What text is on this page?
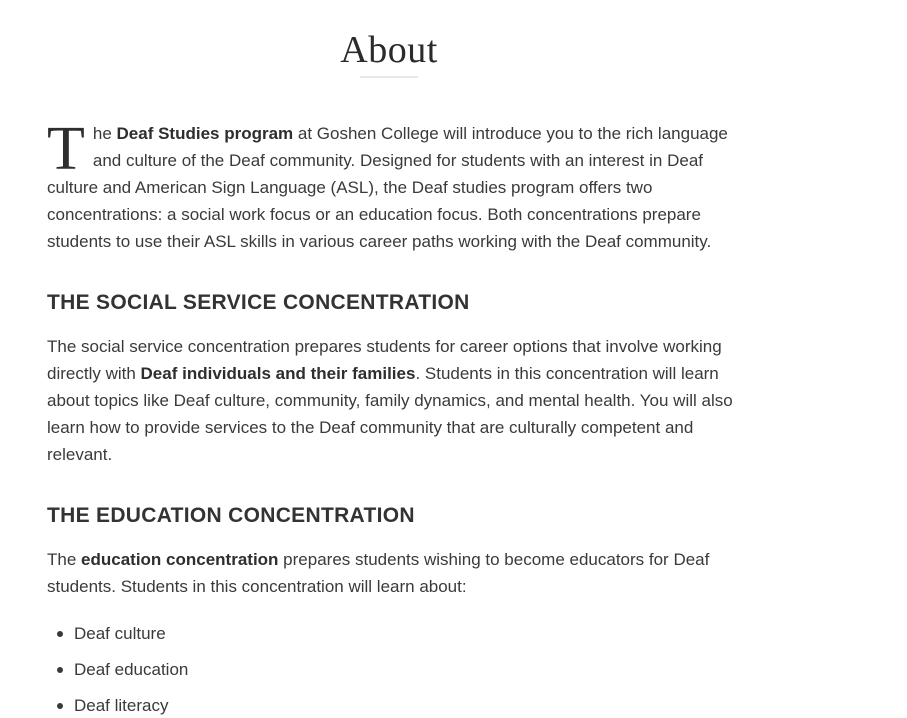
About

The Deaf Studies program at Goshen College will introduce you to the rich language and culture of the Deaf community. Designed for students with an interest in Deaf culture and American Sign Language (ASL), the Deaf studies program offers two concentrations: a social work focus or an education focus. Both concentrations prepare students to use their ASL skills in various career paths working with the Deaf community.

THE SOCIAL SERVICE CONCENTRATION

The social service concentration prepares students for career options that involve working directly with Deaf individuals and their families. Students in this concentration will learn about topics like Deaf culture, community, family dynamics, and mental health. You will also learn how to provide services to the Deaf community that are culturally competent and relevant.

THE EDUCATION CONCENTRATION

The education concentration prepares students wishing to become educators for Deaf students. Students in this concentration will learn about:

Deaf culture
Deaf education
Deaf literacy
